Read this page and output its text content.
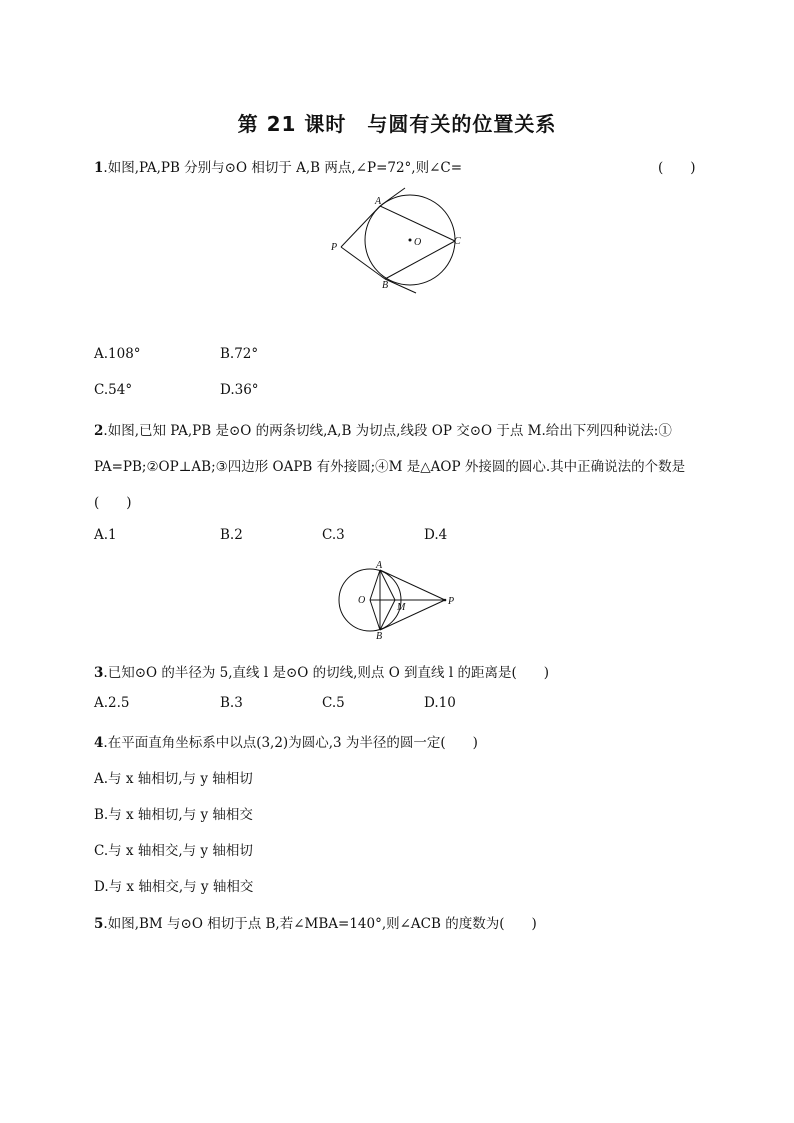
第 21 课时　与圆有关的位置关系
1.如图,PA,PB 分别与⊙O 相切于 A,B 两点,∠P=72°,则∠C=	(　　)
A
B
C
P	O
A.108°	B.72°
C.54°	D.36°
2.如图,已知 PA,PB 是⊙O 的两条切线,A,B 为切点,线段 OP 交⊙O 于点 M.给出下列四种说法:①
PA=PB;②OP⊥AB;③四边形 OAPB 有外接圆;④M 是△AOP 外接圆的圆心.其中正确说法的个数是
(　　)
A.1	B.2	C.3	D.4
A
B
O
M
P
3.已知⊙O 的半径为 5,直线 l 是⊙O 的切线,则点 O 到直线 l 的距离是(　　)
A.2.5	B.3	C.5	D.10
4.在平面直角坐标系中以点(3,2)为圆心,3 为半径的圆一定(　　)
A.与 x 轴相切,与 y 轴相切
B.与 x 轴相切,与 y 轴相交
C.与 x 轴相交,与 y 轴相切
D.与 x 轴相交,与 y 轴相交
5.如图,BM 与⊙O 相切于点 B,若∠MBA=140°,则∠ACB 的度数为(　　)
